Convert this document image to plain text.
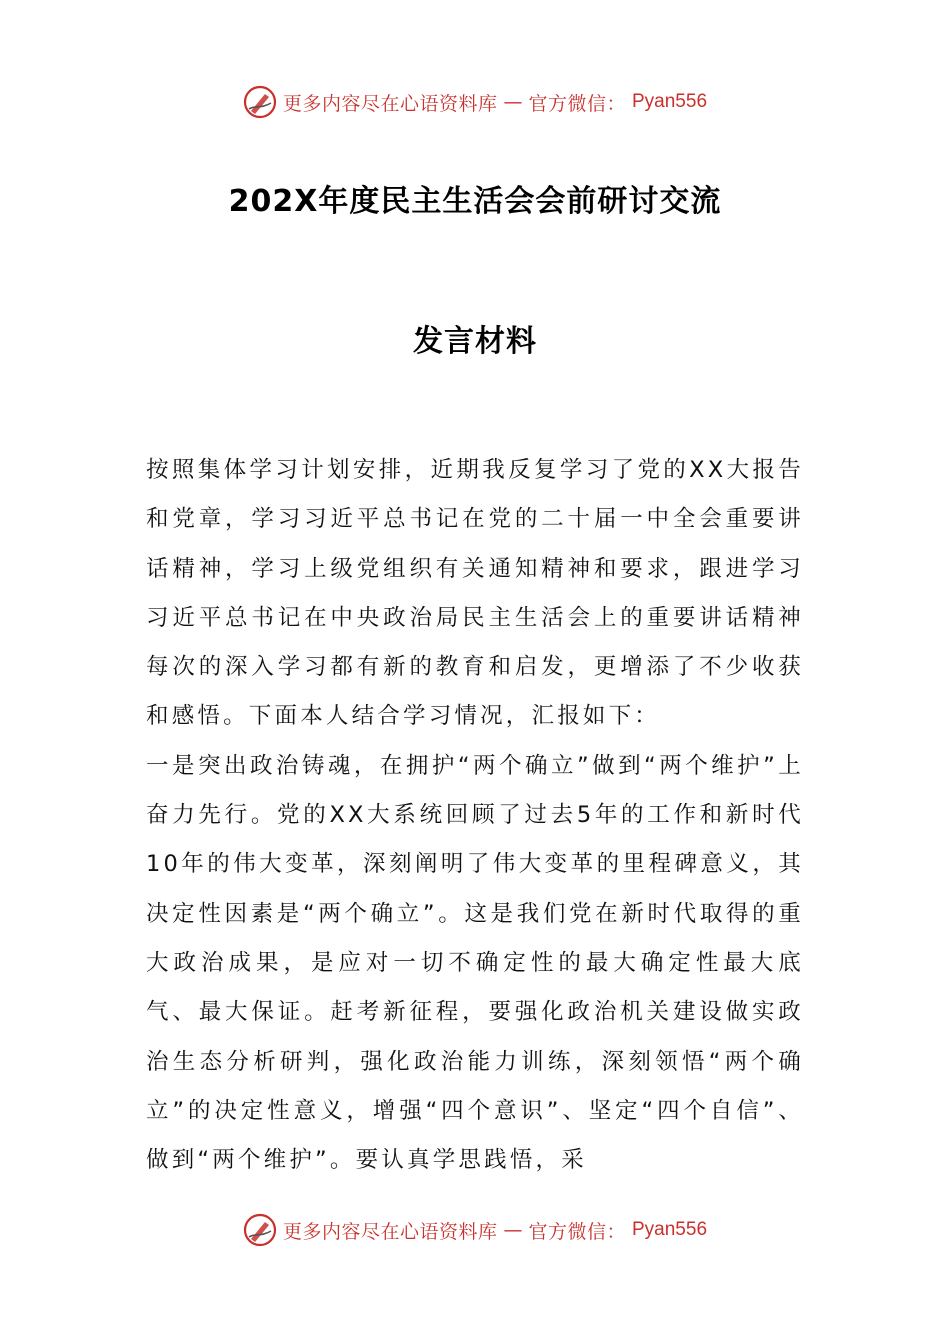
更多内容尽在心语资料库 — 官方微信： Pyan556
202X年度民主生活会会前研讨交流
发言材料

按照集体学习计划安排，近期我反复学习了党的XX大报告和党章，学习习近平总书记在党的二十届一中全会重要讲话精神，学习上级党组织有关通知精神和要求，跟进学习习近平总书记在中央政治局民主生活会上的重要讲话精神每次的深入学习都有新的教育和启发，更增添了不少收获和感悟。下面本人结合学习情况，汇报如下：

一是突出政治铸魂，在拥护“两个确立”做到“两个维护”上奋力先行。党的XX大系统回顾了过去5年的工作和新时代10年的伟大变革，深刻阐明了伟大变革的里程碑意义，其决定性因素是“两个确立”。这是我们党在新时代取得的重大政治成果，是应对一切不确定性的最大确定性最大底气、最大保证。赶考新征程，要强化政治机关建设做实政治生态分析研判，强化政治能力训练，深刻领悟“两个确立”的决定性意义，增强“四个意识”、坚定“四个自信”、做到“两个维护”。要认真学思践悟，采

更多内容尽在心语资料库 — 官方微信： Pyan556
